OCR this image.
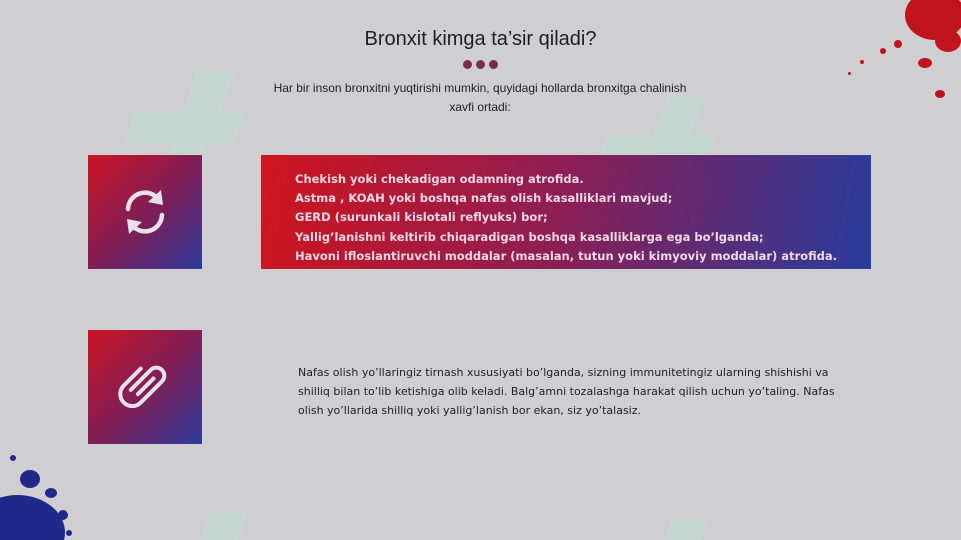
Bronxit kimga ta’sir qiladi?
Har bir inson bronxitni yuqtirishi mumkin, quyidagi hollarda bronxitga chalinish xavfi ortadi:
Chekish yoki chekadigan odamning atrofida.
Astma , KOAH yoki boshqa nafas olish kasalliklari mavjud;
GERD (surunkali kislotali reflyuks) bor;
Yallig’lanishni keltirib chiqaradigan boshqa kasalliklarga ega bo’lganda;
Havoni ifloslantiruvchi moddalar (masalan, tutun yoki kimyoviy moddalar) atrofida.
Nafas olish yo’llaringiz tirnash xususiyati bo’lganda, sizning immunitetingiz ularning shishishi va shilliq bilan to’lib ketishiga olib keladi. Balg’amni tozalashga harakat qilish uchun yo’taling. Nafas olish yo’llarida shilliq yoki yallig’lanish bor ekan, siz yo’talasiz.
